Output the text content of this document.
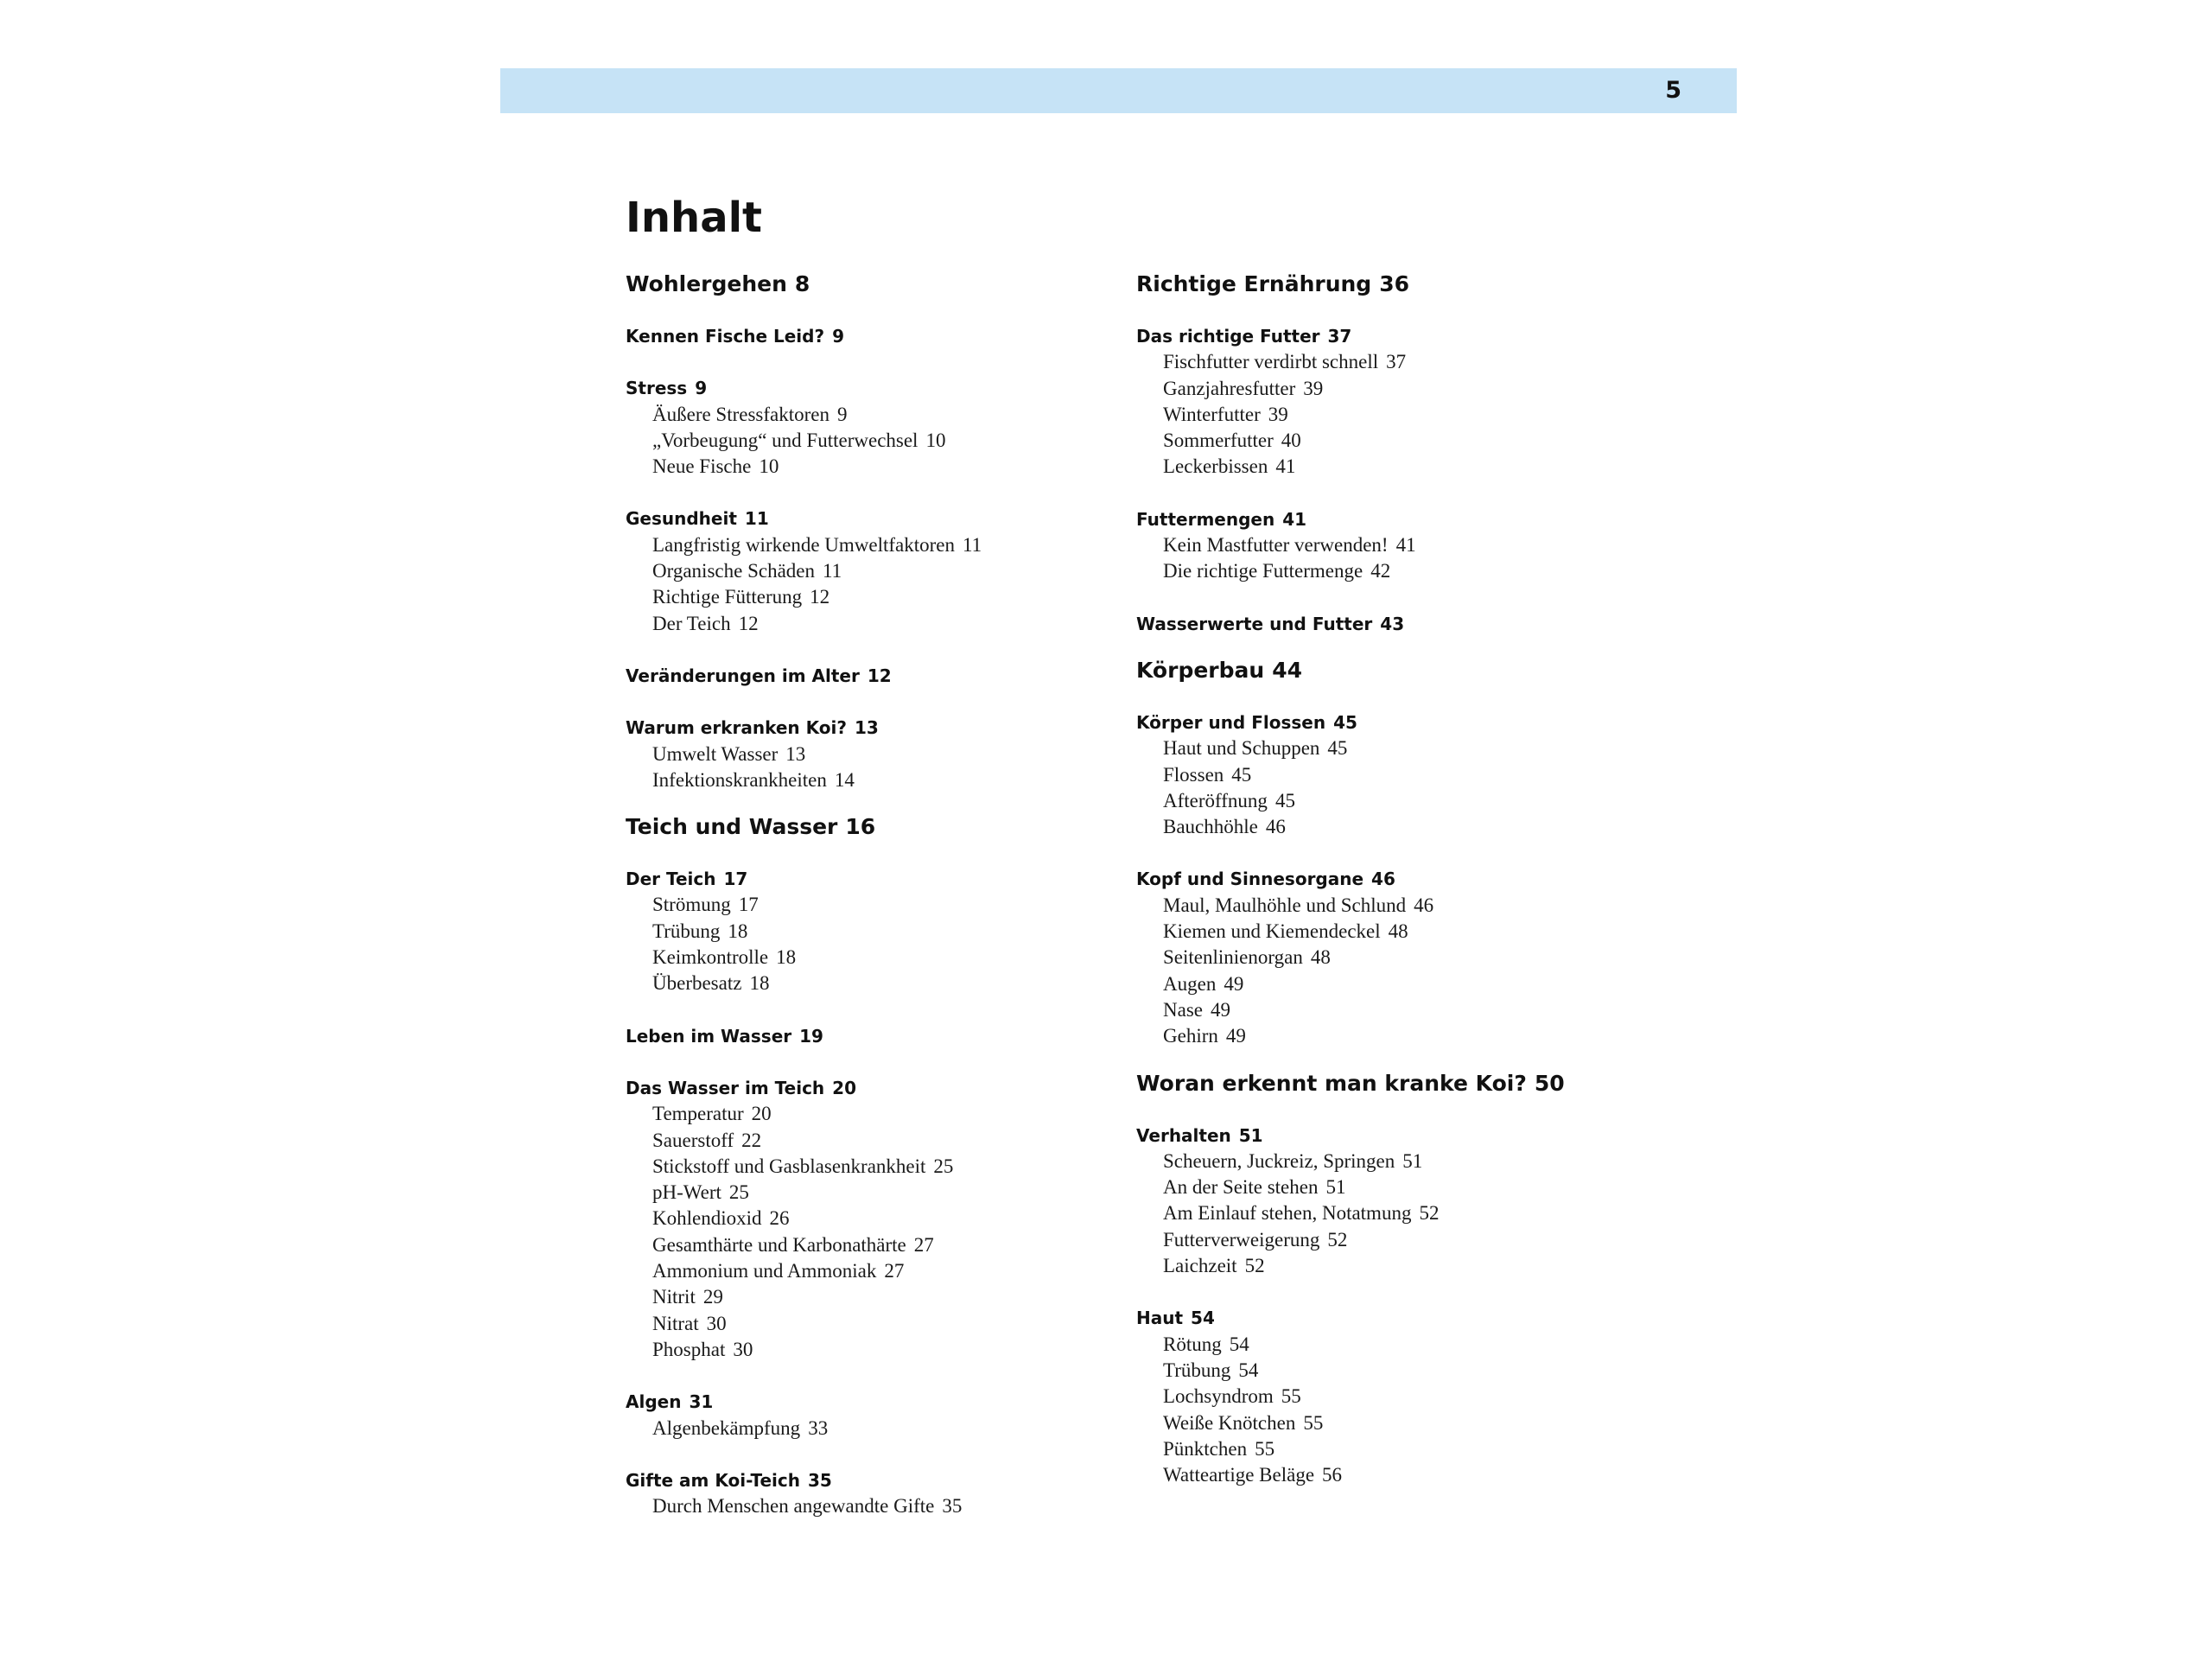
5
Inhalt
Wohlergehen 8
Kennen Fische Leid? 9
Stress 9
Äußere Stressfaktoren 9
„Vorbeugung“ und Futterwechsel 10
Neue Fische 10
Gesundheit 11
Langfristig wirkende Umweltfaktoren 11
Organische Schäden 11
Richtige Fütterung 12
Der Teich 12
Veränderungen im Alter 12
Warum erkranken Koi? 13
Umwelt Wasser 13
Infektionskrankheiten 14
Teich und Wasser 16
Der Teich 17
Strömung 17
Trübung 18
Keimkontrolle 18
Überbesatz 18
Leben im Wasser 19
Das Wasser im Teich 20
Temperatur 20
Sauerstoff 22
Stickstoff und Gasblasenkrankheit 25
pH-Wert 25
Kohlendioxid 26
Gesamthärte und Karbonathärte 27
Ammonium und Ammoniak 27
Nitrit 29
Nitrat 30
Phosphat 30
Algen 31
Algenbekämpfung 33
Gifte am Koi-Teich 35
Durch Menschen angewandte Gifte 35
Richtige Ernährung 36
Das richtige Futter 37
Fischfutter verdirbt schnell 37
Ganzjahresfutter 39
Winterfutter 39
Sommerfutter 40
Leckerbissen 41
Futtermengen 41
Kein Mastfutter verwenden! 41
Die richtige Futtermenge 42
Wasserwerte und Futter 43
Körperbau 44
Körper und Flossen 45
Haut und Schuppen 45
Flossen 45
Afteröffnung 45
Bauchhöhle 46
Kopf und Sinnesorgane 46
Maul, Maulhöhle und Schlund 46
Kiemen und Kiemendeckel 48
Seitenlinienorgan 48
Augen 49
Nase 49
Gehirn 49
Woran erkennt man kranke Koi? 50
Verhalten 51
Scheuern, Juckreiz, Springen 51
An der Seite stehen 51
Am Einlauf stehen, Notatmung 52
Futterverweigerung 52
Laichzeit 52
Haut 54
Rötung 54
Trübung 54
Lochsyndrom 55
Weiße Knötchen 55
Pünktchen 55
Watteartige Beläge 56
